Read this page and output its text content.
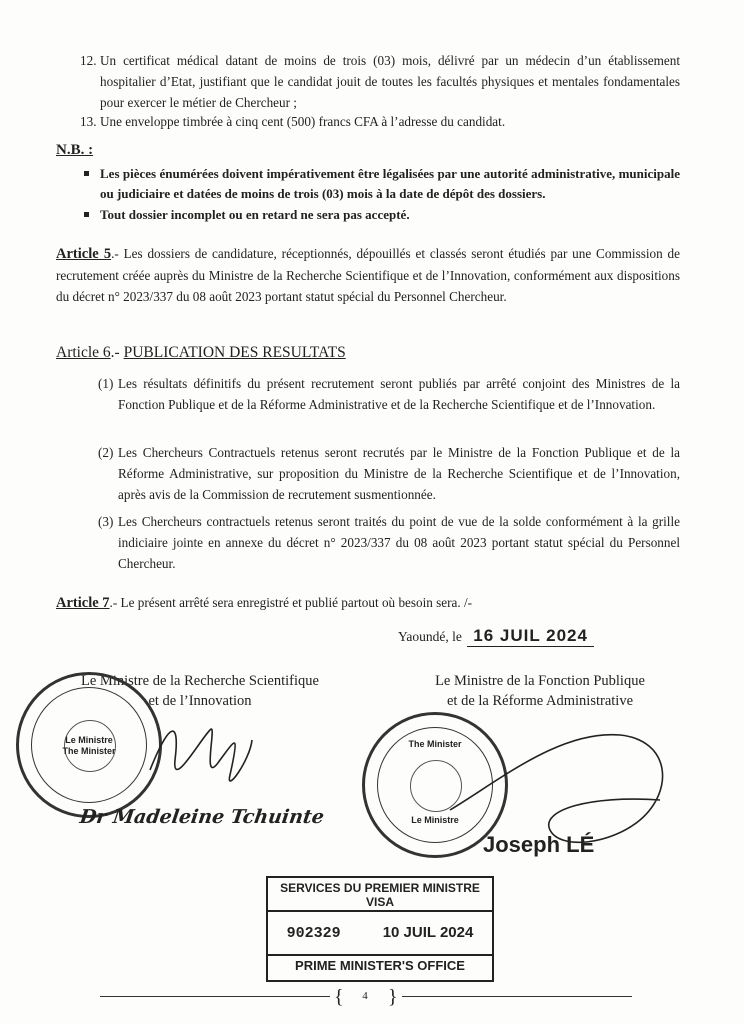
12. Un certificat médical datant de moins de trois (03) mois, délivré par un médecin d’un établissement hospitalier d’Etat, justifiant que le candidat jouit de toutes les facultés physiques et mentales fondamentales pour exercer le métier de Chercheur ;
13. Une enveloppe timbrée à cinq cent (500) francs CFA à l’adresse du candidat.
N.B. :
Les pièces énumérées doivent impérativement être légalisées par une autorité administrative, municipale ou judiciaire et datées de moins de trois (03) mois à la date de dépôt des dossiers.
Tout dossier incomplet ou en retard ne sera pas accepté.
Article 5.- Les dossiers de candidature, réceptionnés, dépouillés et classés seront étudiés par une Commission de recrutement créée auprès du Ministre de la Recherche Scientifique et de l’Innovation, conformément aux dispositions du décret n° 2023/337 du 08 août 2023 portant statut spécial du Personnel Chercheur.
Article 6.- PUBLICATION DES RESULTATS
(1) Les résultats définitifs du présent recrutement seront publiés par arrêté conjoint des Ministres de la Fonction Publique et de la Réforme Administrative et de la Recherche Scientifique et de l’Innovation.
(2) Les Chercheurs Contractuels retenus seront recrutés par le Ministre de la Fonction Publique et de la Réforme Administrative, sur proposition du Ministre de la Recherche Scientifique et de l’Innovation, après avis de la Commission de recrutement susmentionnée.
(3) Les Chercheurs contractuels retenus seront traités du point de vue de la solde conformément à la grille indiciaire jointe en annexe du décret n° 2023/337 du 08 août 2023 portant statut spécial du Personnel Chercheur.
Article 7.- Le présent arrêté sera enregistré et publié partout où besoin sera. /-
Yaoundé, le 16 JUIL 2024
Le Ministre de la Recherche Scientifique
et de l’Innovation
Le Ministre
The Minister
Dr Madeleine Tchuinte
Le Ministre de la Fonction Publique
et de la Réforme Administrative
The Minister
Le Ministre
Joseph LÉ
SERVICES DU PREMIER MINISTRE
VISA
902329	10 JUIL 2024
PRIME MINISTER'S OFFICE
{	4	}
